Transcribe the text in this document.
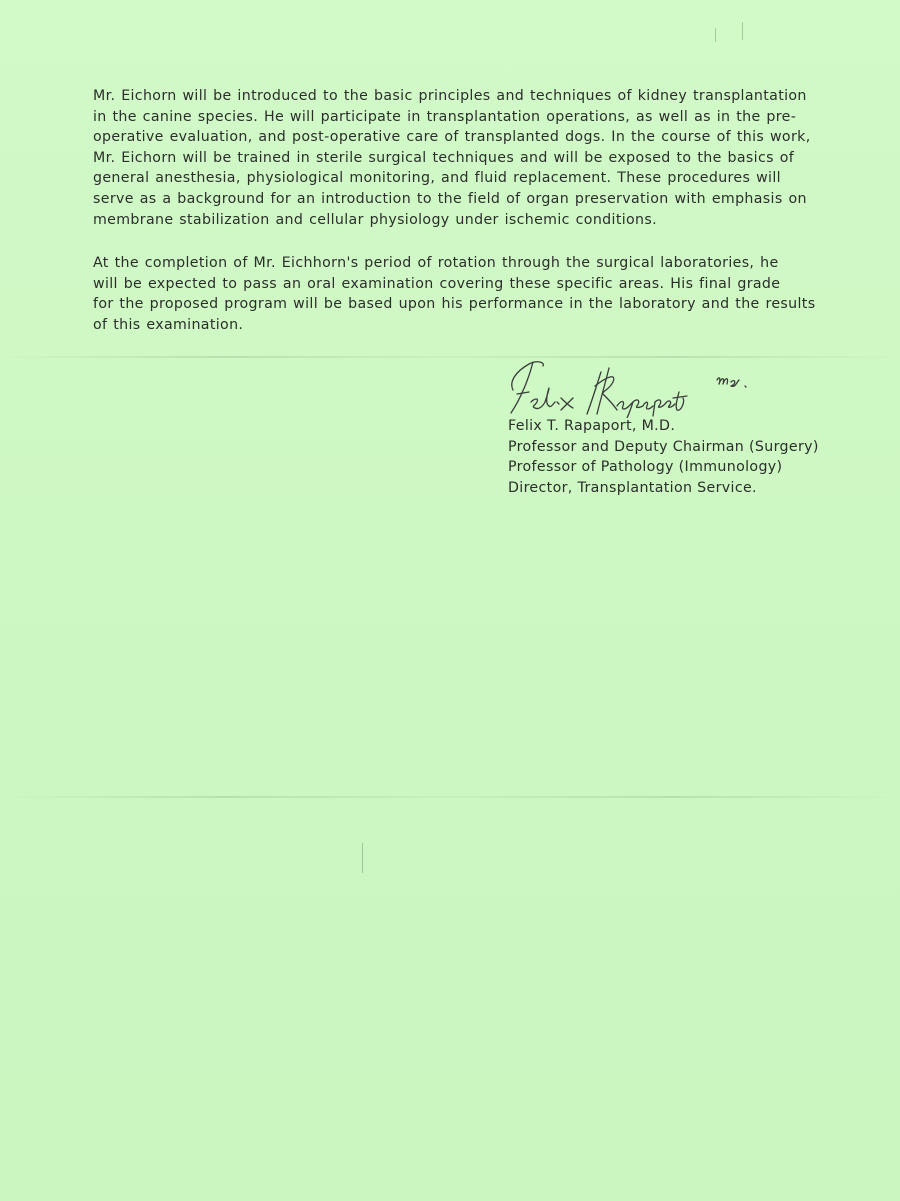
Mr. Eichorn will be introduced to the basic principles and techniques of kidney transplantation
in the canine species. He will participate in transplantation operations, as well as in the pre-
operative evaluation, and post-operative care of transplanted dogs. In the course of this work,
Mr. Eichorn will be trained in sterile surgical techniques and will be exposed to the basics of
general anesthesia, physiological monitoring, and fluid replacement. These procedures will
serve as a background for an introduction to the field of organ preservation with emphasis on
membrane stabilization and cellular physiology under ischemic conditions.

At the completion of Mr. Eichhorn's period of rotation through the surgical laboratories, he
will be expected to pass an oral examination covering these specific areas. His final grade
for the proposed program will be based upon his performance in the laboratory and the results
of this examination.

Felix T. Rapaport, M.D.
Professor and Deputy Chairman (Surgery)
Professor of Pathology (Immunology)
Director, Transplantation Service.
